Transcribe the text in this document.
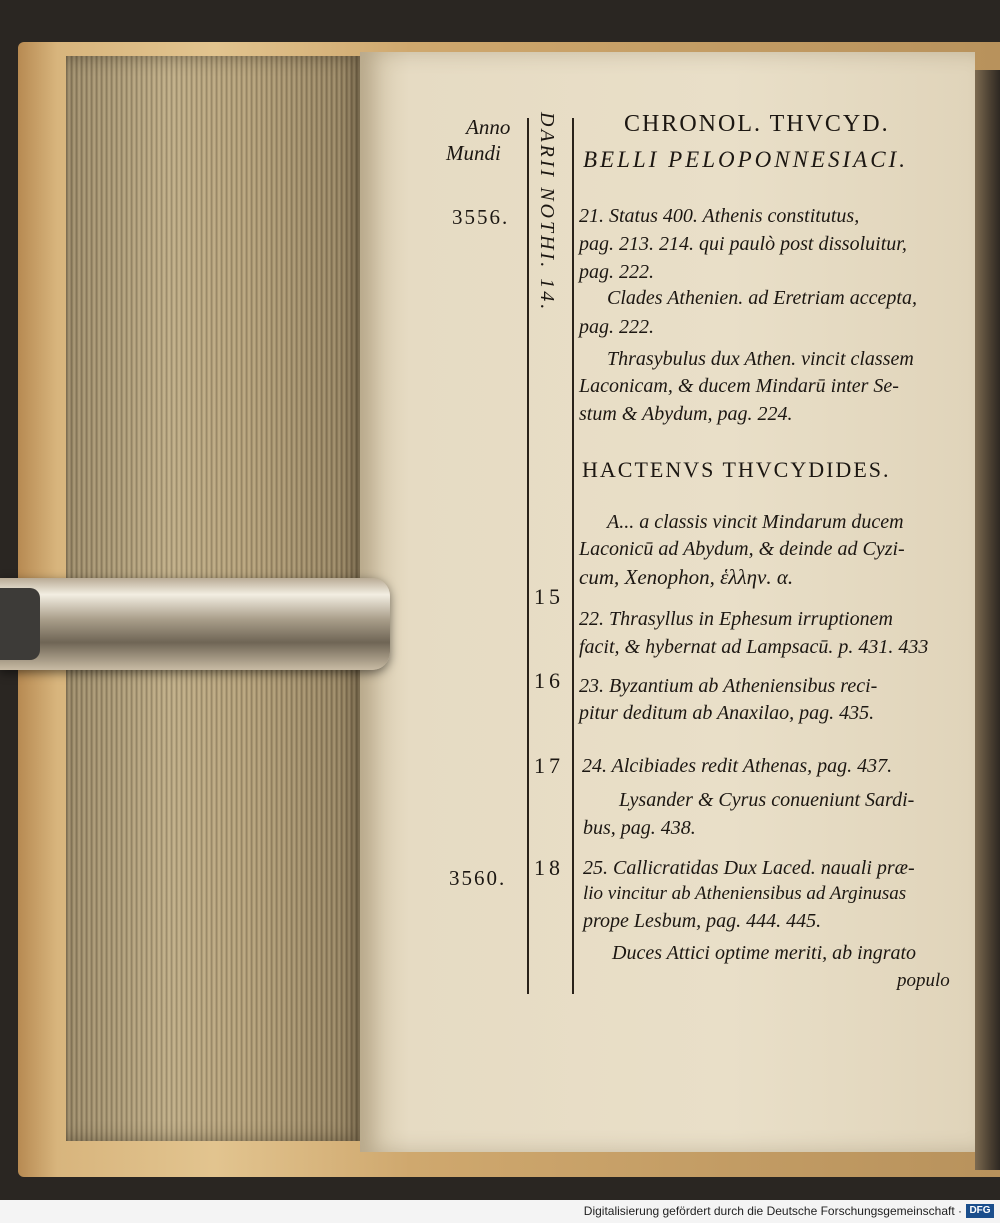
Anno
Mundi
CHRONOL. THVCYD.
BELLI PELOPONNESIACI.
DARII NOTHI. 14.
3556.
3560.
15
16
17
18
21. Status 400. Athenis constitutus,
pag. 213. 214. qui paulò post dissoluitur,
pag. 222.
Clades Athenien. ad Eretriam accepta,
pag. 222.
Thrasybulus dux Athen. vincit classem
Laconicam, & ducem Mindarū inter Se-
stum & Abydum, pag. 224.
HACTENVS THVCYDIDES.
A... a classis vincit Mindarum ducem
Laconicū ad Abydum, & deinde ad Cyzi-
cum, Xenophon, ἑλλην. α.
22. Thrasyllus in Ephesum irruptionem
facit, & hybernat ad Lampsacū. p. 431. 433
23. Byzantium ab Atheniensibus reci-
pitur deditum ab Anaxilao, pag. 435.
24. Alcibiades redit Athenas, pag. 437.
Lysander & Cyrus conueniunt Sardi-
bus, pag. 438.
25. Callicratidas Dux Laced. nauali præ-
lio vincitur ab Atheniensibus ad Arginusas
prope Lesbum, pag. 444. 445.
Duces Attici optime meriti, ab ingrato
populo
Digitalisierung gefördert durch die Deutsche Forschungsgemeinschaft · DFG
